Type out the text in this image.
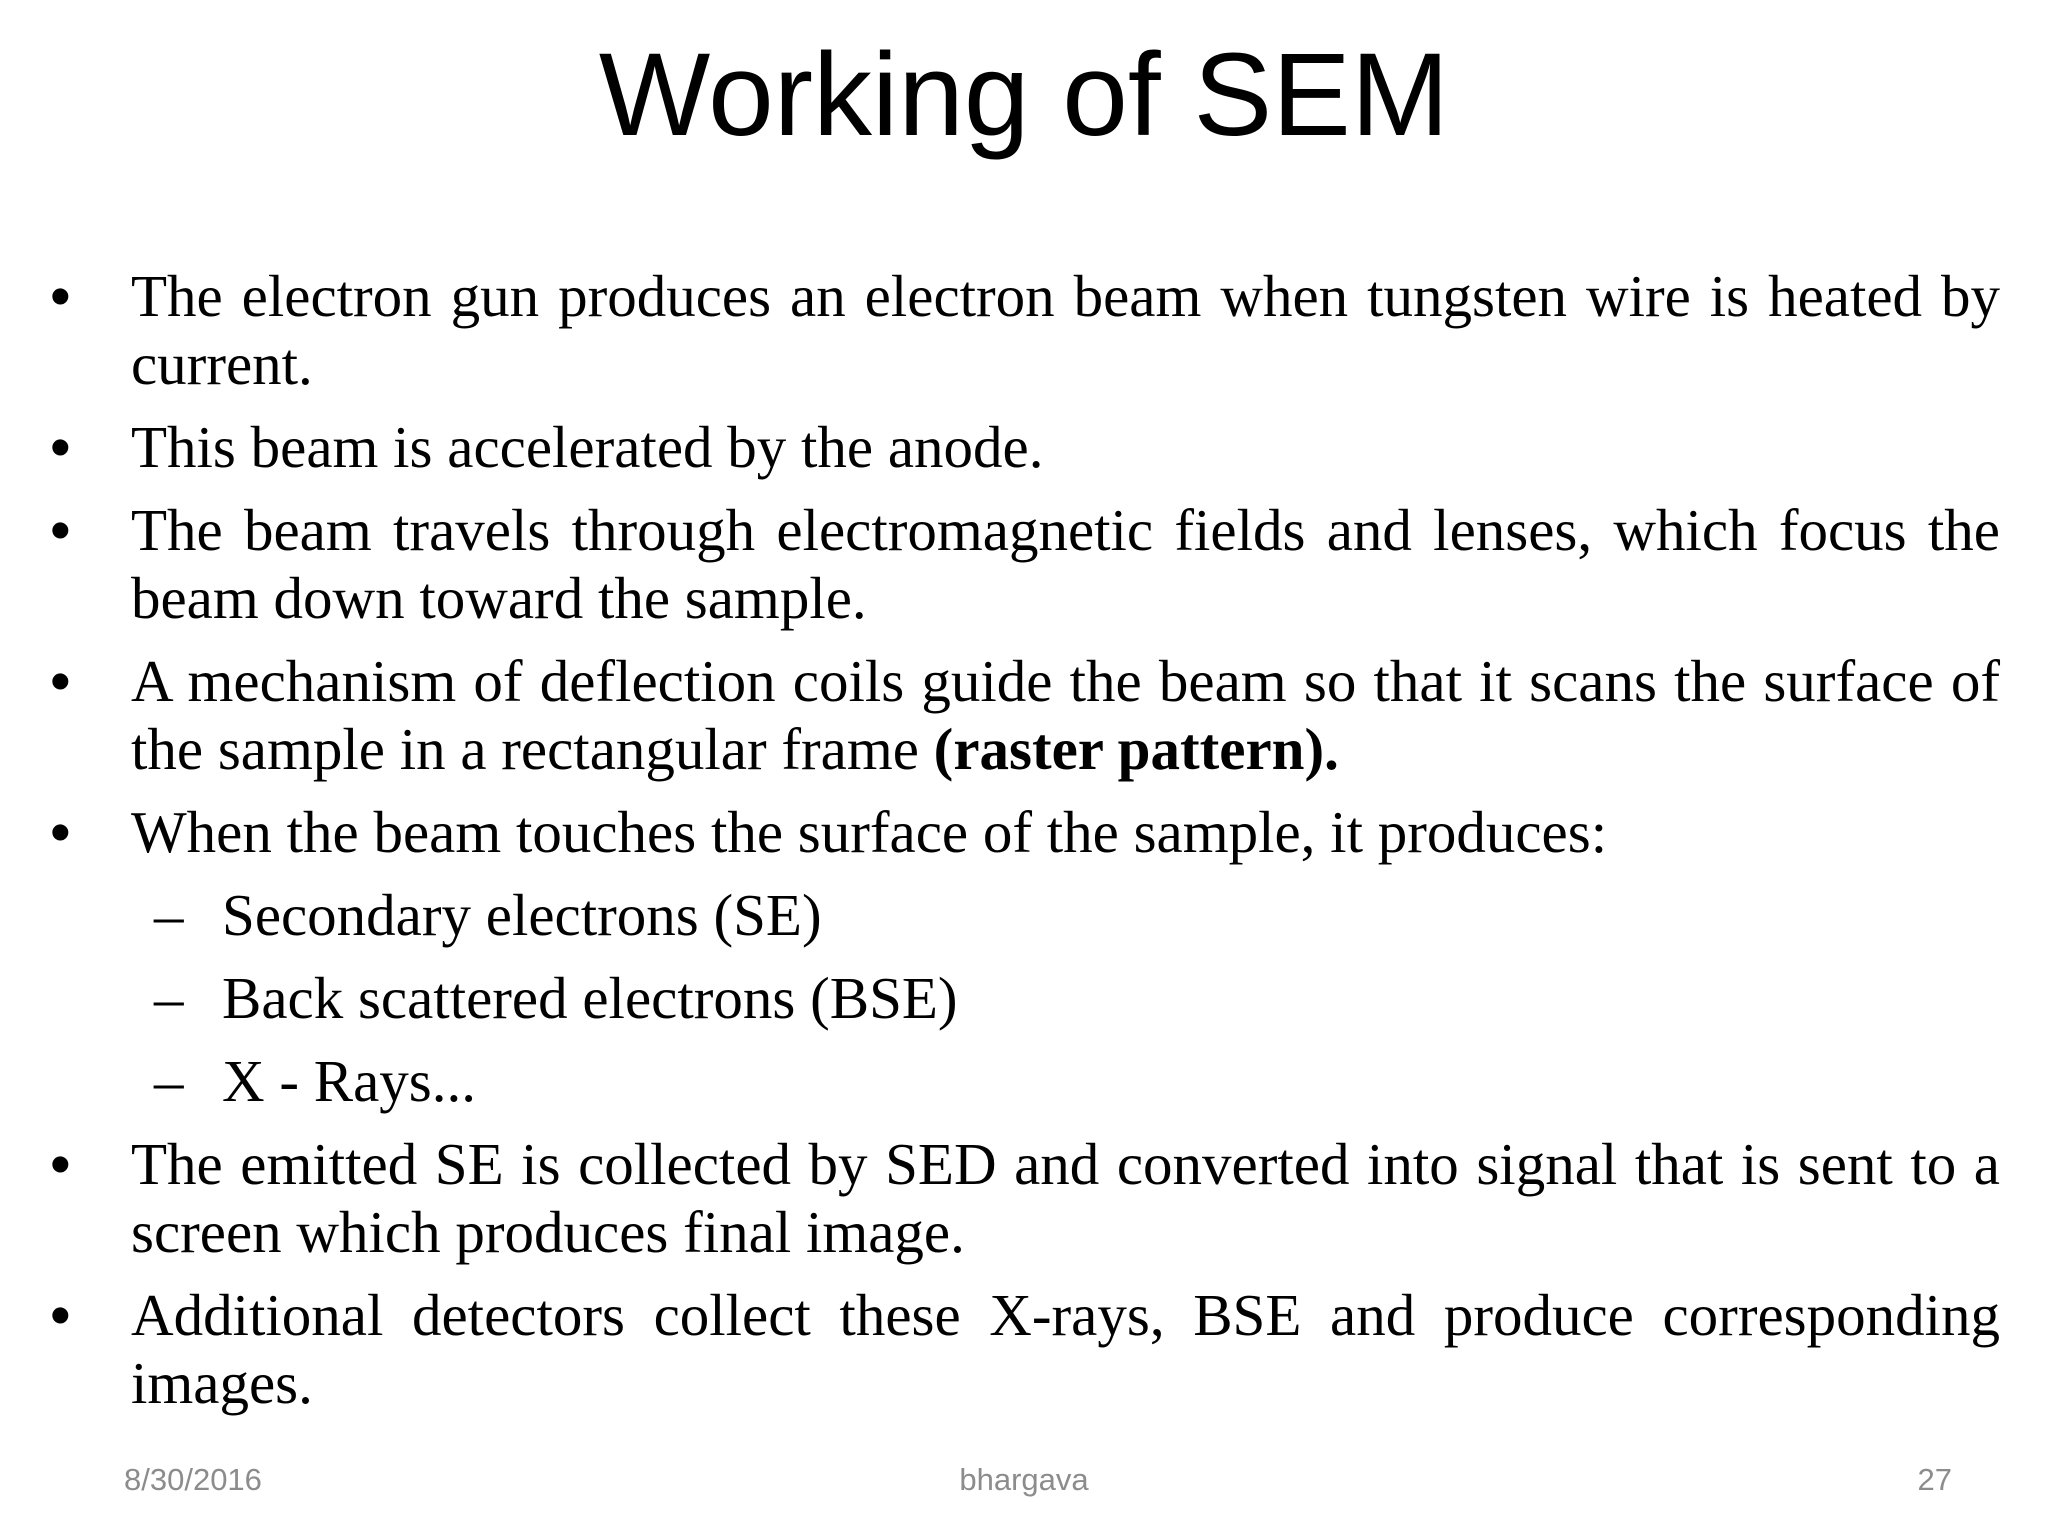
Working of SEM
• The electron gun produces an electron beam when tungsten wire is heated by current.
• This beam is accelerated by the anode.
• The beam travels through electromagnetic fields and lenses, which focus the beam down toward the sample.
• A mechanism of deflection coils guide the beam so that it scans the surface of the sample in a rectangular frame (raster pattern).
• When the beam touches the surface of the sample, it produces:
– Secondary electrons (SE)
– Back scattered electrons (BSE)
– X - Rays...
• The emitted SE is collected by SED and converted into signal that is sent to a screen which produces final image.
• Additional detectors collect these X-rays, BSE and produce corresponding images.
8/30/2016	bhargava	27
